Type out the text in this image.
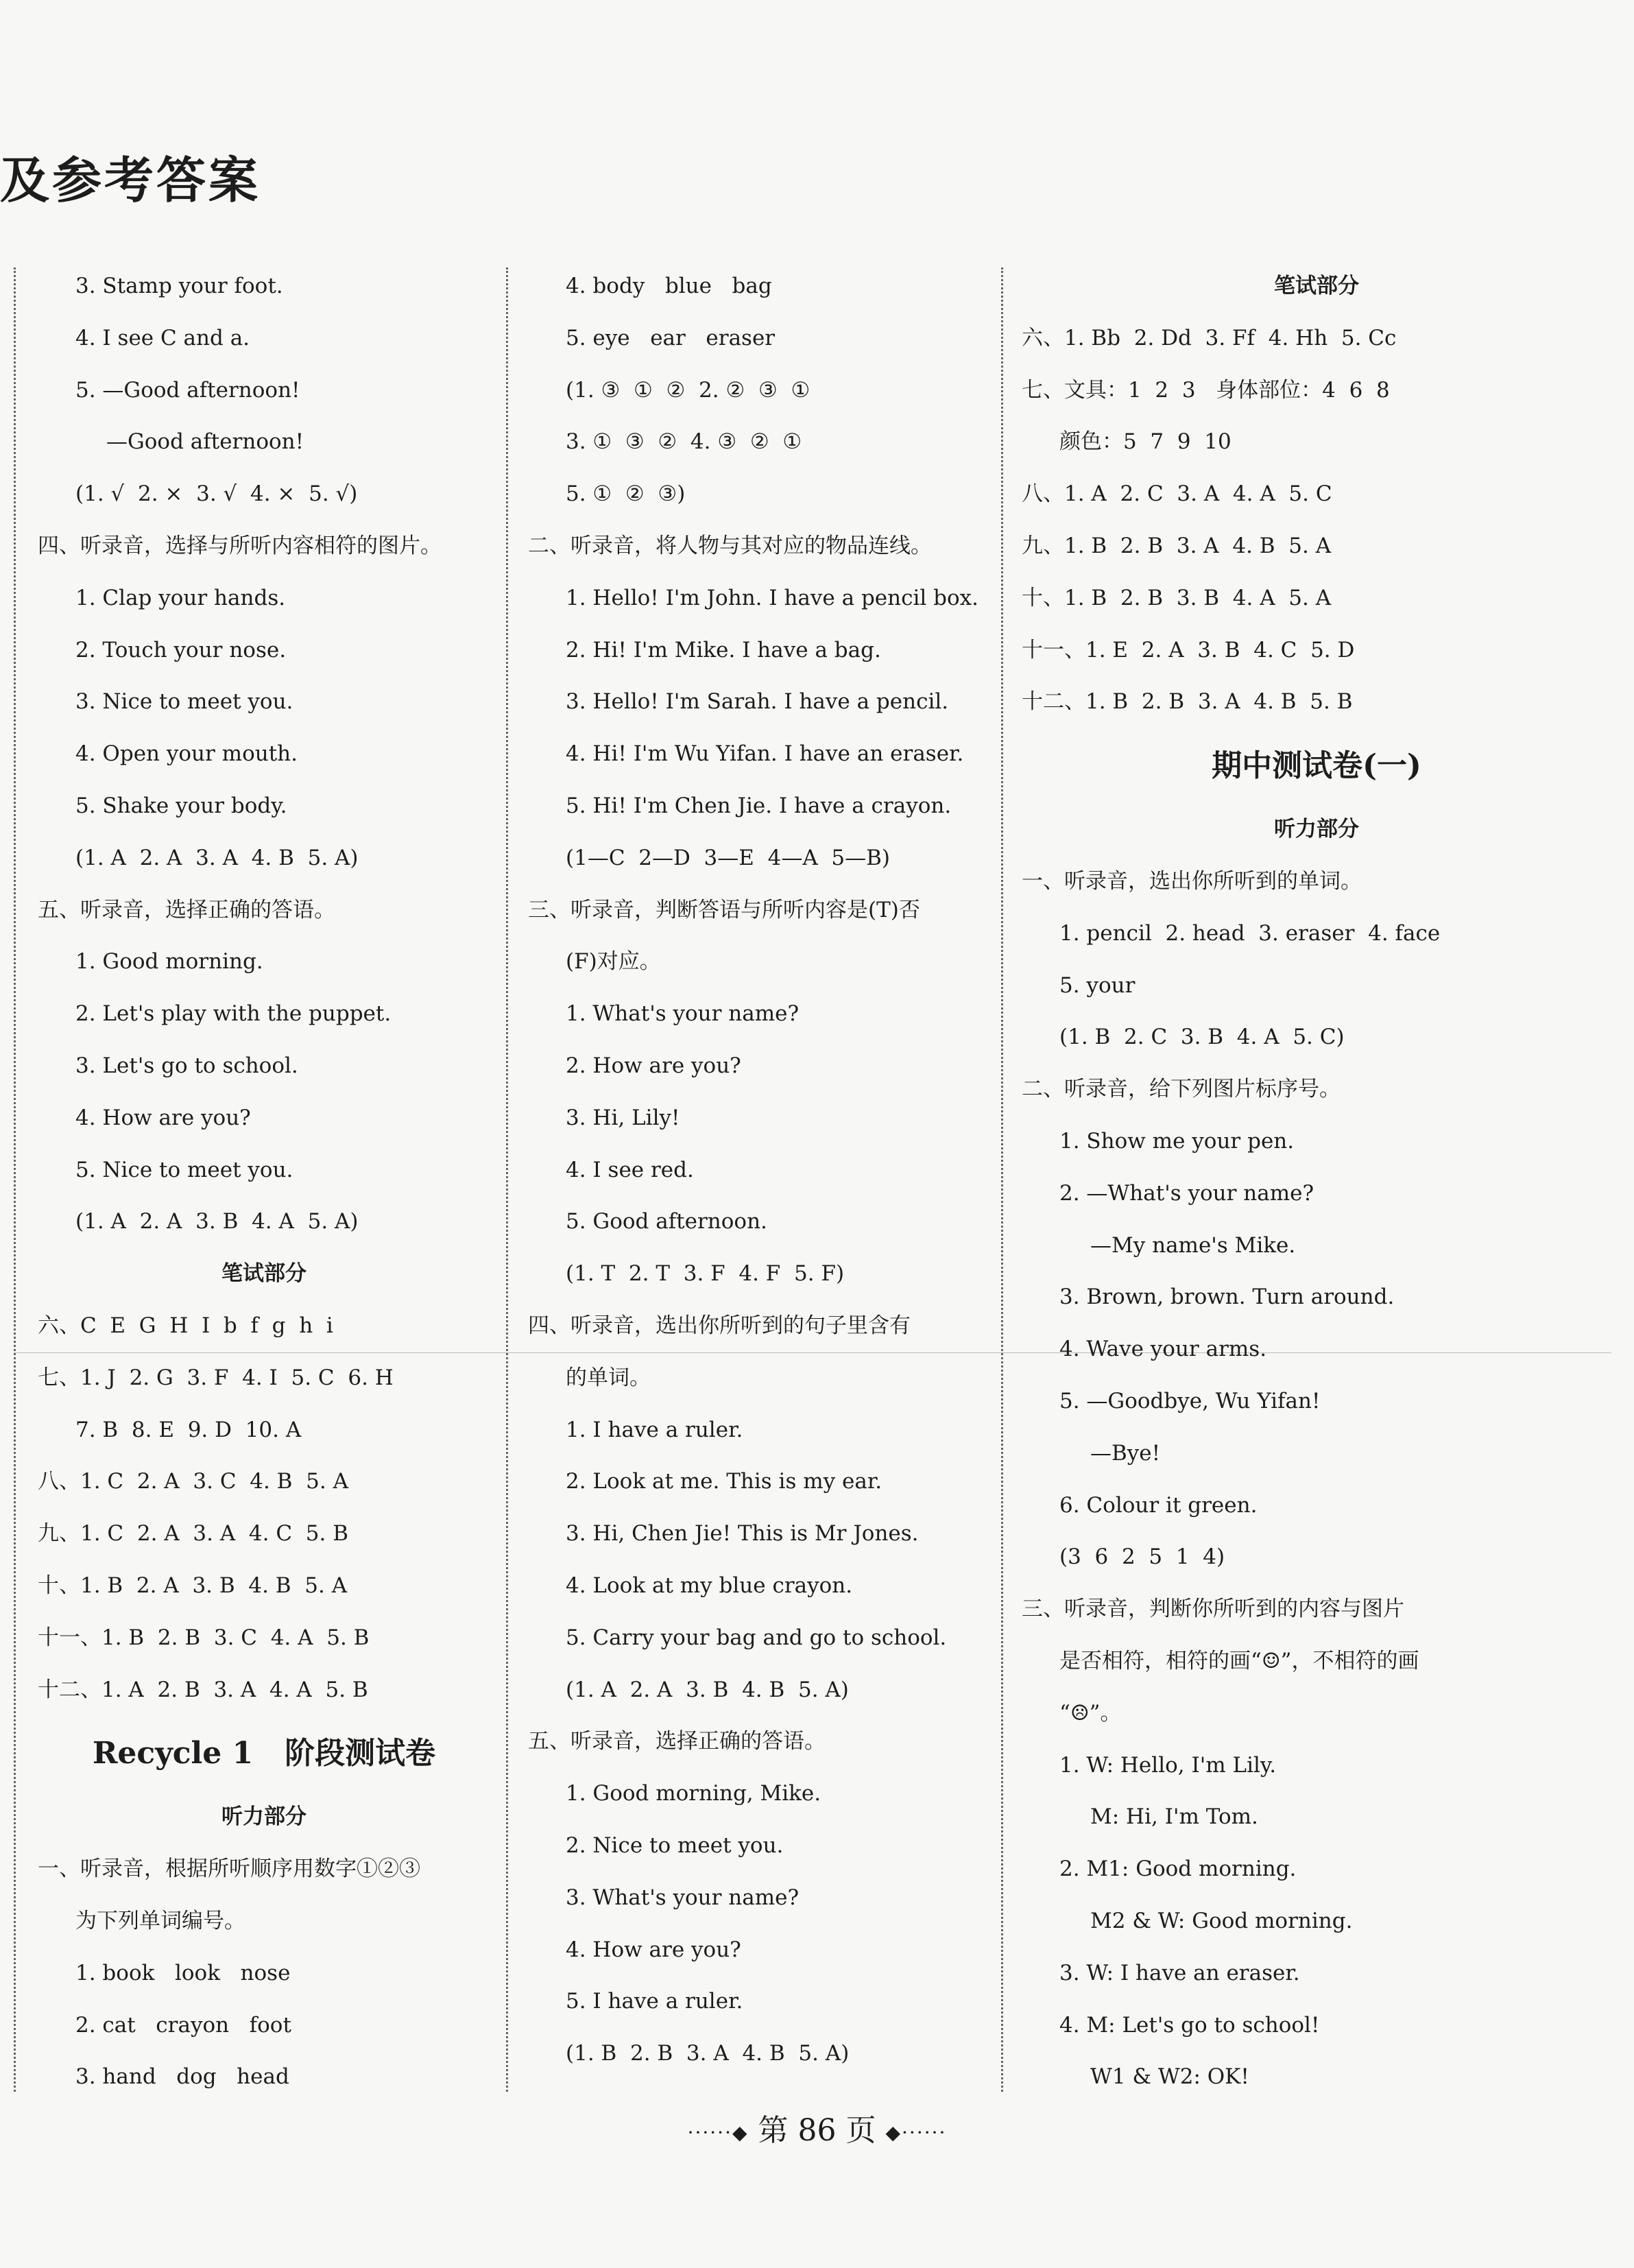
及参考答案
3. Stamp your foot.
4. I see C and a.
5. —Good afternoon!
—Good afternoon!
(1. √  2. ×  3. √  4. ×  5. √)
四、听录音，选择与所听内容相符的图片。
1. Clap your hands.
2. Touch your nose.
3. Nice to meet you.
4. Open your mouth.
5. Shake your body.
(1. A  2. A  3. A  4. B  5. A)
五、听录音，选择正确的答语。
1. Good morning.
2. Let's play with the puppet.
3. Let's go to school.
4. How are you?
5. Nice to meet you.
(1. A  2. A  3. B  4. A  5. A)
笔试部分
六、C  E  G  H  I  b  f  g  h  i
七、1. J  2. G  3. F  4. I  5. C  6. H
7. B  8. E  9. D  10. A
八、1. C  2. A  3. C  4. B  5. A
九、1. C  2. A  3. A  4. C  5. B
十、1. B  2. A  3. B  4. B  5. A
十一、1. B  2. B  3. C  4. A  5. B
十二、1. A  2. B  3. A  4. A  5. B
Recycle 1   阶段测试卷
听力部分
一、听录音，根据所听顺序用数字①②③
为下列单词编号。
1. book   look   nose
2. cat   crayon   foot
3. hand   dog   head
4. body   blue   bag
5. eye   ear   eraser
(1. ③  ①  ②  2. ②  ③  ①
3. ①  ③  ②  4. ③  ②  ①
5. ①  ②  ③)
二、听录音，将人物与其对应的物品连线。
1. Hello! I'm John. I have a pencil box.
2. Hi! I'm Mike. I have a bag.
3. Hello! I'm Sarah. I have a pencil.
4. Hi! I'm Wu Yifan. I have an eraser.
5. Hi! I'm Chen Jie. I have a crayon.
(1—C  2—D  3—E  4—A  5—B)
三、听录音，判断答语与所听内容是(T)否
(F)对应。
1. What's your name?
2. How are you?
3. Hi, Lily!
4. I see red.
5. Good afternoon.
(1. T  2. T  3. F  4. F  5. F)
四、听录音，选出你所听到的句子里含有
的单词。
1. I have a ruler.
2. Look at me. This is my ear.
3. Hi, Chen Jie! This is Mr Jones.
4. Look at my blue crayon.
5. Carry your bag and go to school.
(1. A  2. A  3. B  4. B  5. A)
五、听录音，选择正确的答语。
1. Good morning, Mike.
2. Nice to meet you.
3. What's your name?
4. How are you?
5. I have a ruler.
(1. B  2. B  3. A  4. B  5. A)
笔试部分
六、1. Bb  2. Dd  3. Ff  4. Hh  5. Cc
七、文具：1  2  3   身体部位：4  6  8
颜色：5  7  9  10
八、1. A  2. C  3. A  4. A  5. C
九、1. B  2. B  3. A  4. B  5. A
十、1. B  2. B  3. B  4. A  5. A
十一、1. E  2. A  3. B  4. C  5. D
十二、1. B  2. B  3. A  4. B  5. B
期中测试卷(一)
听力部分
一、听录音，选出你所听到的单词。
1. pencil  2. head  3. eraser  4. face
5. your
(1. B  2. C  3. B  4. A  5. C)
二、听录音，给下列图片标序号。
1. Show me your pen.
2. —What's your name?
—My name's Mike.
3. Brown, brown. Turn around.
4. Wave your arms.
5. —Goodbye, Wu Yifan!
—Bye!
6. Colour it green.
(3  6  2  5  1  4)
三、听录音，判断你所听到的内容与图片
是否相符，相符的画“☺”，不相符的画
“☹”。
1. W: Hello, I'm Lily.
M: Hi, I'm Tom.
2. M1: Good morning.
M2 & W: Good morning.
3. W: I have an eraser.
4. M: Let's go to school!
W1 & W2: OK!
······◆ 第 86 页 ◆······
